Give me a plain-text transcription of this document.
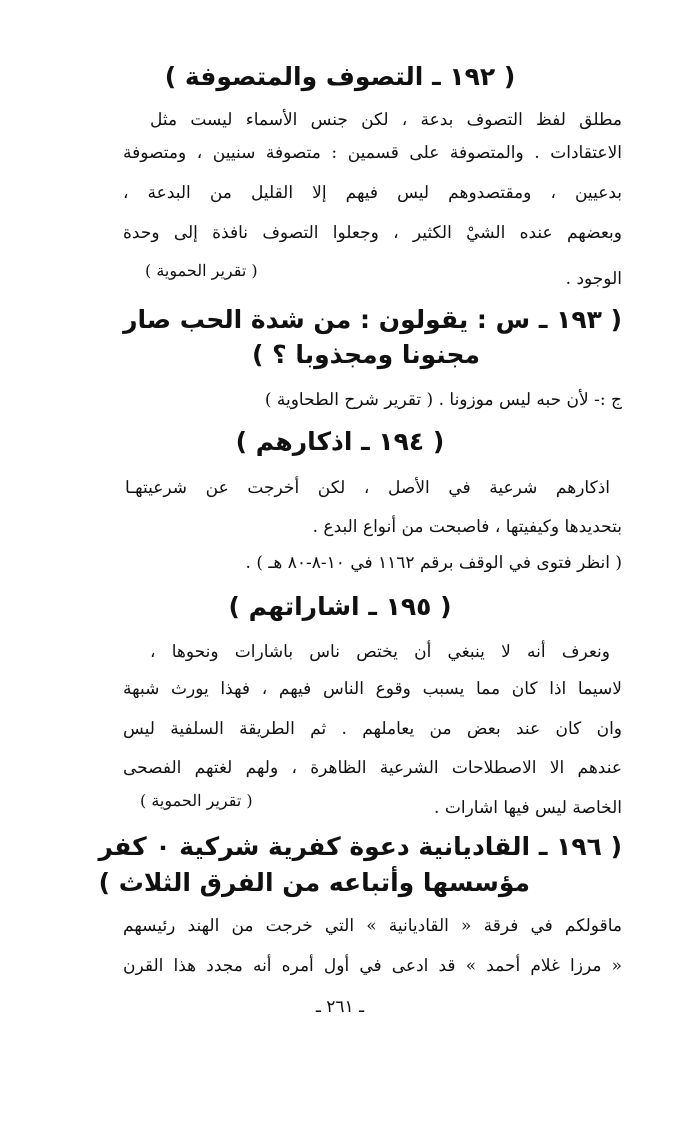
( ١٩٢ ـ التصوف والمتصوفة )
مطلق لفظ التصوف بدعة ، لكن جنس الأسماء ليست مثل
الاعتقادات . والمتصوفة على قسمين : متصوفة سنيين ، ومتصوفة
بدعيين ، ومقتصدوهم ليس فيهم إلا القليل من البدعة ،
وبعضهم عنده الشيْ الكثير ، وجعلوا التصوف نافذة إلى وحدة
الوجود .
( تقرير الحموية )
( ١٩٣ ـ س : يقولون : من شدة الحب صار
مجنونا ومجذوبا ؟ )
ج :- لأن حبه ليس موزونا . ( تقرير شرح الطحاوية )
( ١٩٤ ـ اذكارهم )
اذكارهم شرعية في الأصل ، لكن أخرجت عن شرعيتهـا
بتحديدها وكيفيتها ، فاصبحت من أنواع البدع .
( انظر فتوى في الوقف برقم ١١٦٢ في ١٠-٨-٨٠ هـ ) .
( ١٩٥ ـ اشاراتهم )
ونعرف أنه لا ينبغي أن يختص ناس باشارات ونحوها ،
لاسيما اذا كان مما يسبب وقوع الناس فيهم ، فهذا يورث شبهة
وان كان عند بعض من يعاملهم . ثم الطريقة السلفية ليس
عندهم الا الاصطلاحات الشرعية الظاهرة ، ولهم لغتهم الفصحى
الخاصة ليس فيها اشارات .
( تقرير الحموية )
( ١٩٦ ـ القاديانية دعوة كفرية شركية ٠ كفر
مؤسسها وأتباعه من الفرق الثلاث )
ماقولكم في فرقة « القاديانية » التي خرجت من الهند رئيسهم
« مرزا غلام أحمد » قد ادعى في أول أمره أنه مجدد هذا القرن
ـ ٢٦١ ـ
